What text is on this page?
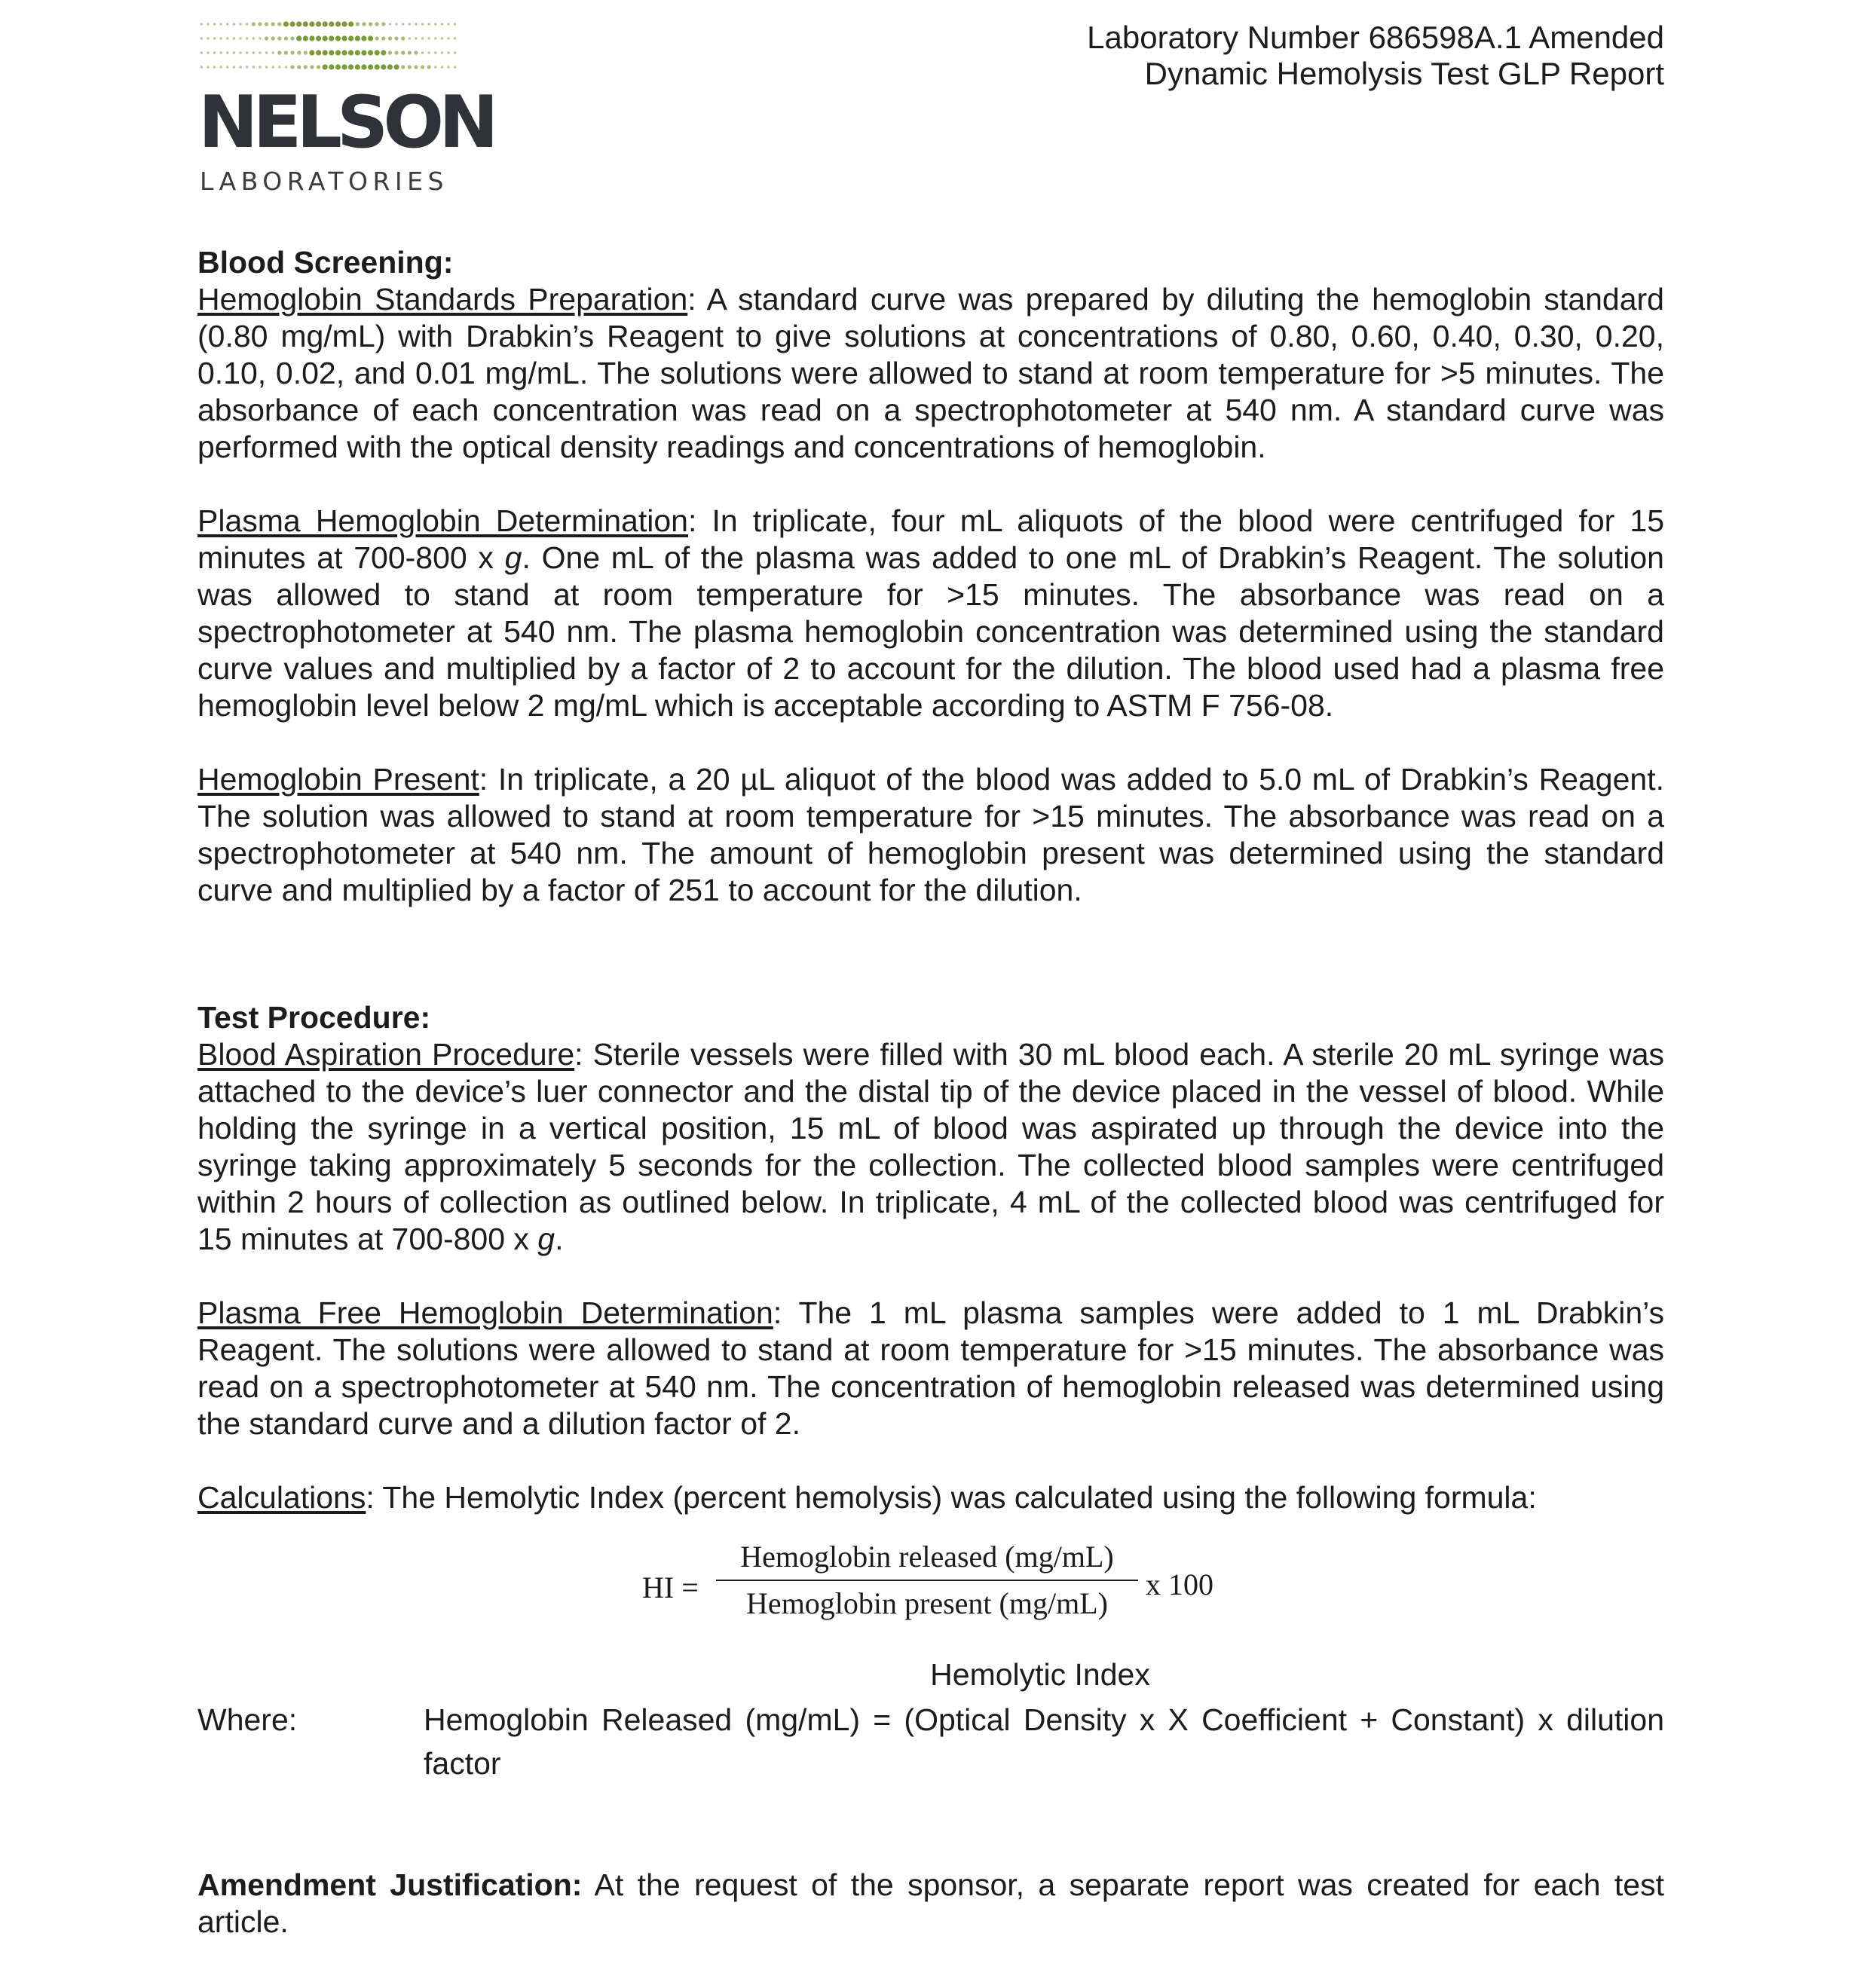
NELSON
LABORATORIES
Laboratory Number 686598A.1 Amended
Dynamic Hemolysis Test GLP Report
Blood Screening:

Hemoglobin Standards Preparation: A standard curve was prepared by diluting the hemoglobin standard (0.80 mg/mL) with Drabkin’s Reagent to give solutions at concentrations of 0.80, 0.60, 0.40, 0.30, 0.20, 0.10, 0.02, and 0.01 mg/mL. The solutions were allowed to stand at room temperature for >5 minutes. The absorbance of each concentration was read on a spectrophotometer at 540 nm. A standard curve was performed with the optical density readings and concentrations of hemoglobin.

Plasma Hemoglobin Determination: In triplicate, four mL aliquots of the blood were centrifuged for 15 minutes at 700-800 x g. One mL of the plasma was added to one mL of Drabkin’s Reagent. The solution was allowed to stand at room temperature for >15 minutes. The absorbance was read on a spectrophotometer at 540 nm. The plasma hemoglobin concentration was determined using the standard curve values and multiplied by a factor of 2 to account for the dilution. The blood used had a plasma free hemoglobin level below 2 mg/mL which is acceptable according to ASTM F 756-08.

Hemoglobin Present: In triplicate, a 20 µL aliquot of the blood was added to 5.0 mL of Drabkin’s Reagent. The solution was allowed to stand at room temperature for >15 minutes. The absorbance was read on a spectrophotometer at 540 nm. The amount of hemoglobin present was determined using the standard curve and multiplied by a factor of 251 to account for the dilution.

Test Procedure:

Blood Aspiration Procedure: Sterile vessels were filled with 30 mL blood each. A sterile 20 mL syringe was attached to the device’s luer connector and the distal tip of the device placed in the vessel of blood. While holding the syringe in a vertical position, 15 mL of blood was aspirated up through the device into the syringe taking approximately 5 seconds for the collection. The collected blood samples were centrifuged within 2 hours of collection as outlined below. In triplicate, 4 mL of the collected blood was centrifuged for 15 minutes at 700-800 x g.

Plasma Free Hemoglobin Determination: The 1 mL plasma samples were added to 1 mL Drabkin’s Reagent. The solutions were allowed to stand at room temperature for >15 minutes. The absorbance was read on a spectrophotometer at 540 nm. The concentration of hemoglobin released was determined using the standard curve and a dilution factor of 2.

Calculations: The Hemolytic Index (percent hemolysis) was calculated using the following formula:

HI =
Hemoglobin released (mg/mL)
Hemoglobin present (mg/mL)
x 100
Hemolytic Index
Where:	Hemoglobin Released (mg/mL) = (Optical Density x X Coefficient + Constant) x dilution factor

Amendment Justification: At the request of the sponsor, a separate report was created for each test article.
